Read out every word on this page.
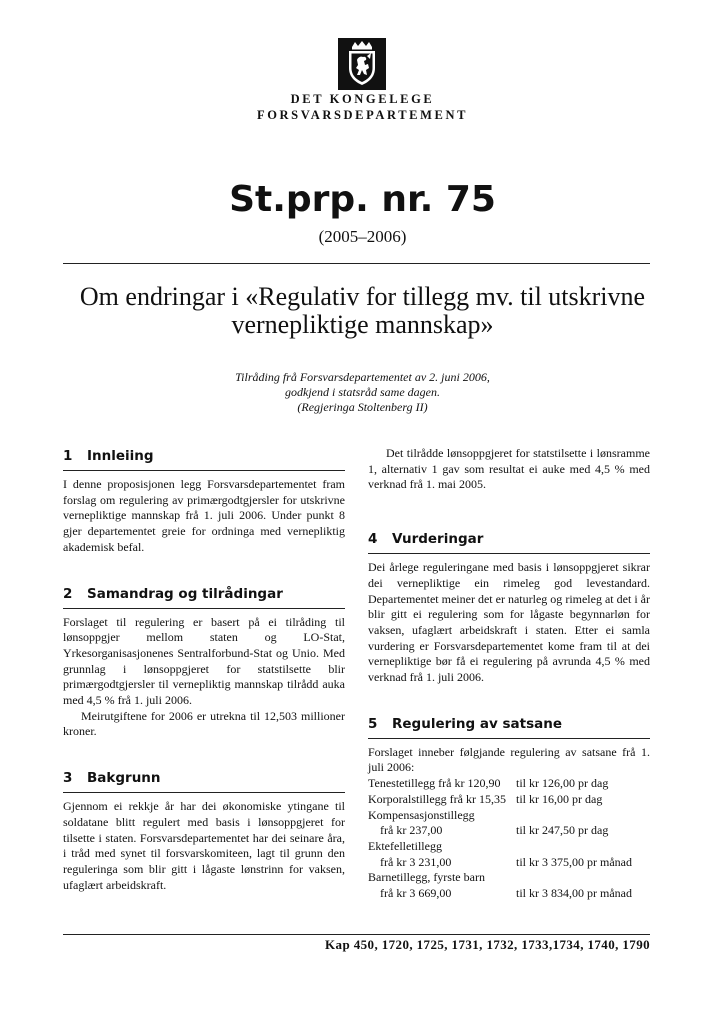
DET KONGELEGE
FORSVARSDEPARTEMENT
St.prp. nr. 75
(2005–2006)
Om endringar i «Regulativ for tillegg mv. til utskrivne vernepliktige mannskap»
Tilråding frå Forsvarsdepartementet av 2. juni 2006,
godkjend i statsråd same dagen.
(Regjeringa Stoltenberg II)
1	Innleiing

I denne proposisjonen legg Forsvarsdepartementet fram forslag om regulering av primærgodtgjersler for utskrivne vernepliktige mannskap frå 1. juli 2006. Under punkt 8 gjer departementet greie for ordninga med vernepliktig akademisk befal.

2	Samandrag og tilrådingar

Forslaget til regulering er basert på ei tilråding til lønsoppgjer mellom staten og LO-Stat, Yrkesorganisasjonenes Sentralforbund-Stat og Unio. Med grunnlag i lønsoppgjeret for statstilsette blir primærgodtgjersler til vernepliktig mannskap tilrådd auka med 4,5 % frå 1. juli 2006.

Meirutgiftene for 2006 er utrekna til 12,503 millioner kroner.

3	Bakgrunn

Gjennom ei rekkje år har dei økonomiske ytingane til soldatane blitt regulert med basis i lønsoppgjeret for tilsette i staten. Forsvarsdepartementet har dei seinare åra, i tråd med synet til forsvarskomiteen, lagt til grunn den reguleringa som blir gitt i lågaste lønstrinn for vaksen, ufaglært arbeidskraft.

Det tilrådde lønsoppgjeret for statstilsette i lønsramme 1, alternativ 1 gav som resultat ei auke med 4,5 % med verknad frå 1. mai 2005.

4	Vurderingar

Dei årlege reguleringane med basis i lønsoppgjeret sikrar dei vernepliktige ein rimeleg god levestandard. Departementet meiner det er naturleg og rimeleg at det i år blir gitt ei regulering som for lågaste begynnarløn for vaksen, ufaglært arbeidskraft i staten. Etter ei samla vurdering er Forsvarsdepartementet kome fram til at dei vernepliktige bør få ei regulering på avrunda 4,5 % med verknad frå 1. juli 2006.

5	Regulering av satsane

Forslaget inneber følgjande regulering av satsane frå 1. juli 2006:

Tenestetillegg frå kr 120,90	til kr 126,00 pr dag
Korporalstillegg frå kr 15,35 til kr 16,00 pr dag
Kompensasjonstillegg
frå kr 237,00	til kr 247,50 pr dag
Ektefelletillegg
frå kr 3 231,00	til kr 3 375,00 pr månad
Barnetillegg, fyrste barn
frå kr 3 669,00	til kr 3 834,00 pr månad
Kap 450, 1720, 1725, 1731, 1732, 1733,1734, 1740, 1790
